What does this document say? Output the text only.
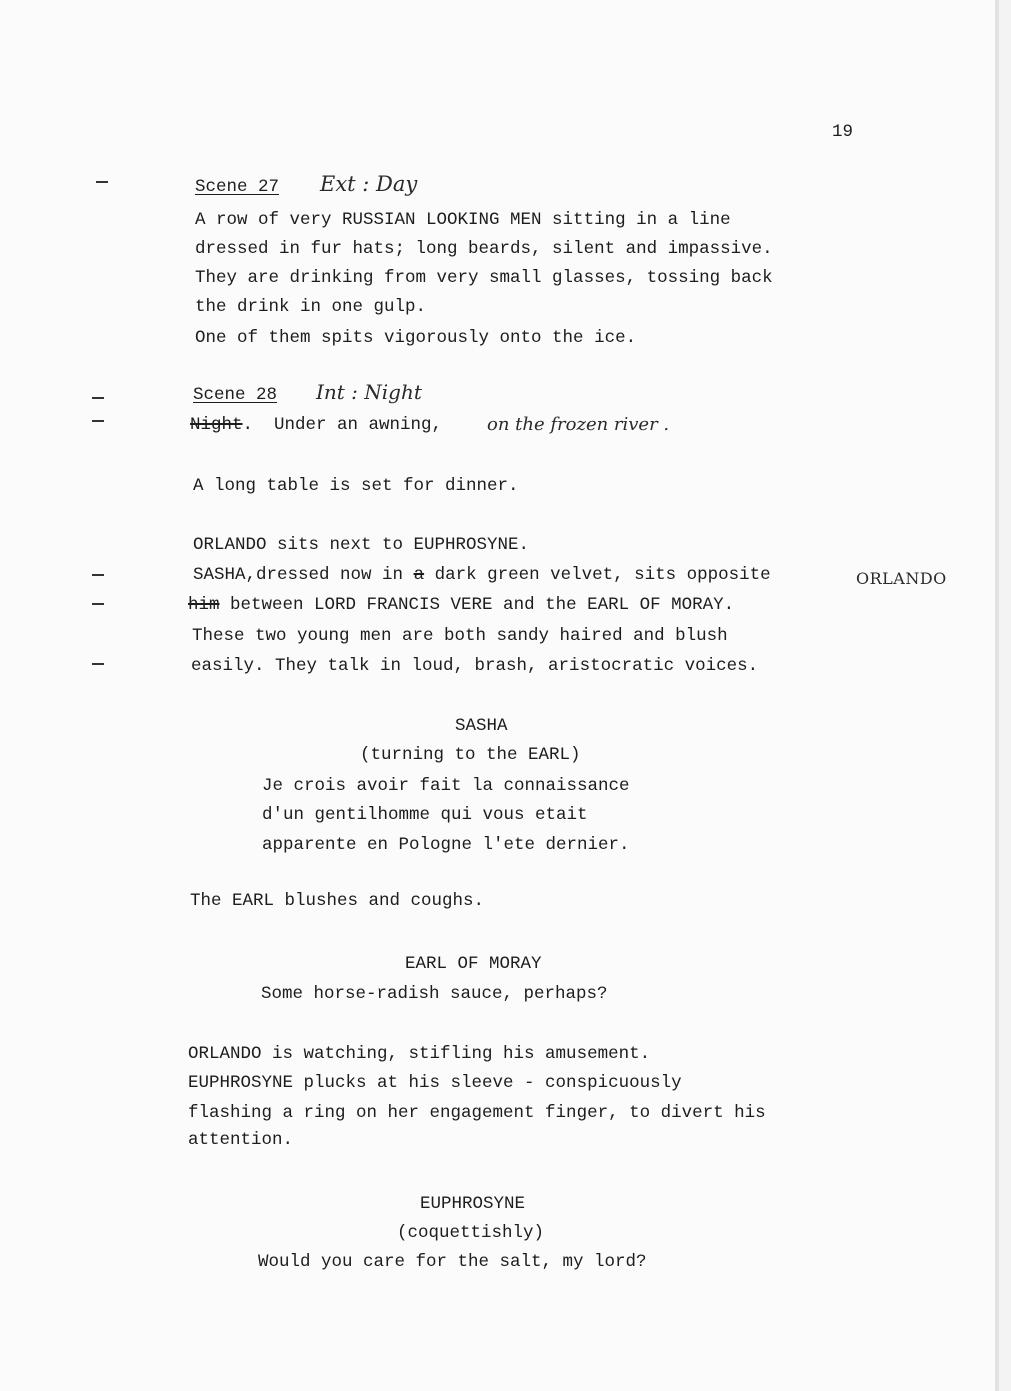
19
Scene 27 Ext : Day
A row of very RUSSIAN LOOKING MEN sitting in a line
dressed in fur hats; long beards, silent and impassive.
They are drinking from very small glasses, tossing back
the drink in one gulp.
One of them spits vigorously onto the ice.
Scene 28 Int : Night
Night.  Under an awning, on the frozen river .
A long table is set for dinner.
ORLANDO sits next to EUPHROSYNE.
SASHA,dressed now in a dark green velvet, sits opposite	ORLANDO
him between LORD FRANCIS VERE and the EARL OF MORAY.
These two young men are both sandy haired and blush
easily. They talk in loud, brash, aristocratic voices.
SASHA
(turning to the EARL)
Je crois avoir fait la connaissance
d'un gentilhomme qui vous etait
apparente en Pologne l'ete dernier.
The EARL blushes and coughs.
EARL OF MORAY
Some horse-radish sauce, perhaps?
ORLANDO is watching, stifling his amusement.
EUPHROSYNE plucks at his sleeve - conspicuously
flashing a ring on her engagement finger, to divert his
attention.
EUPHROSYNE
(coquettishly)
Would you care for the salt, my lord?
